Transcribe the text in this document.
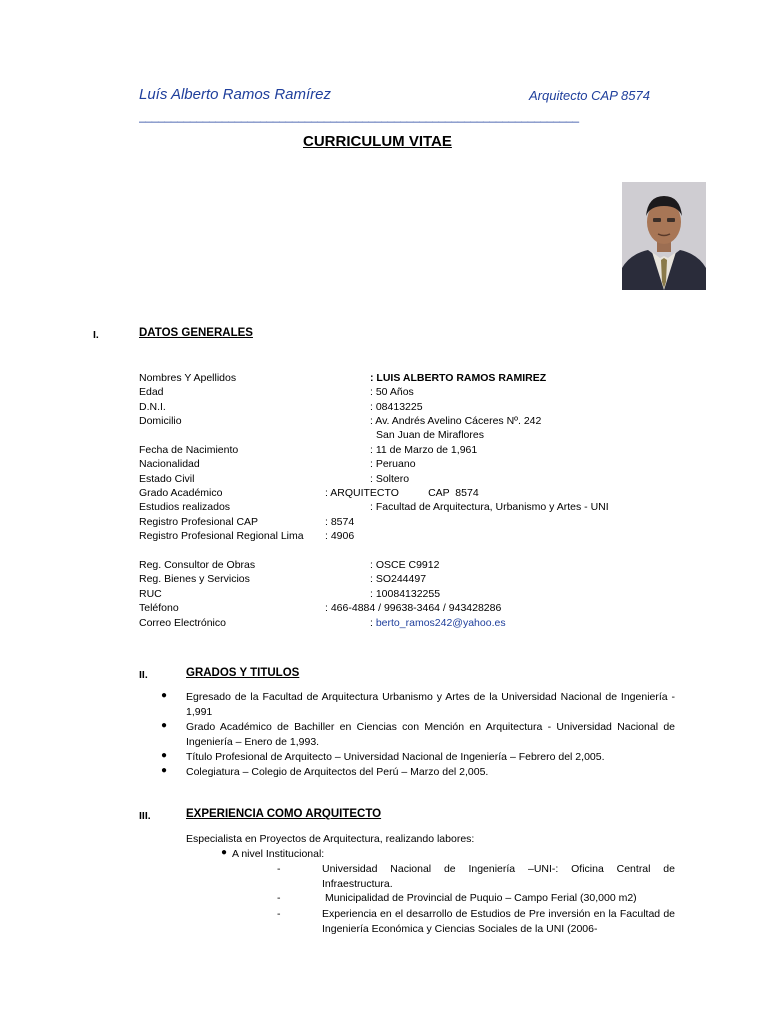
Luís Alberto Ramos Ramírez	Arquitecto CAP 8574
_____________________________________________________________________
CURRICULUM VITAE
I.	DATOS GENERALES
Nombres Y Apellidos	: LUIS ALBERTO RAMOS RAMIREZ
Edad	: 50 Años
D.N.I.	: 08413225
Domicilio	: Av. Andrés Avelino Cáceres Nº. 242
San Juan de Miraflores
Fecha de Nacimiento	: 11 de Marzo de 1,961
Nacionalidad	: Peruano
Estado Civil	: Soltero
Grado Académico	: ARQUITECTO          CAP  8574
Estudios realizados	: Facultad de Arquitectura, Urbanismo y Artes - UNI
Registro Profesional CAP	: 8574
Registro Profesional Regional Lima : 4906
Reg. Consultor de Obras	: OSCE C9912
Reg. Bienes y Servicios	: SO244497
RUC	: 10084132255
Teléfono	: 466-4884 / 99638-3464 / 943428286
Correo Electrónico	: berto_ramos242@yahoo.es
II.	GRADOS Y TITULOS
● Egresado de la Facultad de Arquitectura Urbanismo y Artes de la Universidad Nacional de Ingeniería - 1,991
● Grado Académico de Bachiller en Ciencias con Mención en Arquitectura - Universidad Nacional de Ingeniería – Enero de 1,993.
● Título Profesional de Arquitecto – Universidad Nacional de Ingeniería – Febrero del 2,005.
● Colegiatura – Colegio de Arquitectos del Perú – Marzo del 2,005.
III.	EXPERIENCIA COMO ARQUITECTO
Especialista en Proyectos de Arquitectura, realizando labores:
● A nivel Institucional:
-	Universidad Nacional de Ingeniería –UNI-: Oficina Central de Infraestructura.
-	Municipalidad de Provincial de Puquio – Campo Ferial (30,000 m2)
-	Experiencia en el desarrollo de Estudios de Pre inversión en la Facultad de Ingeniería Económica y Ciencias Sociales de la UNI (2006-
